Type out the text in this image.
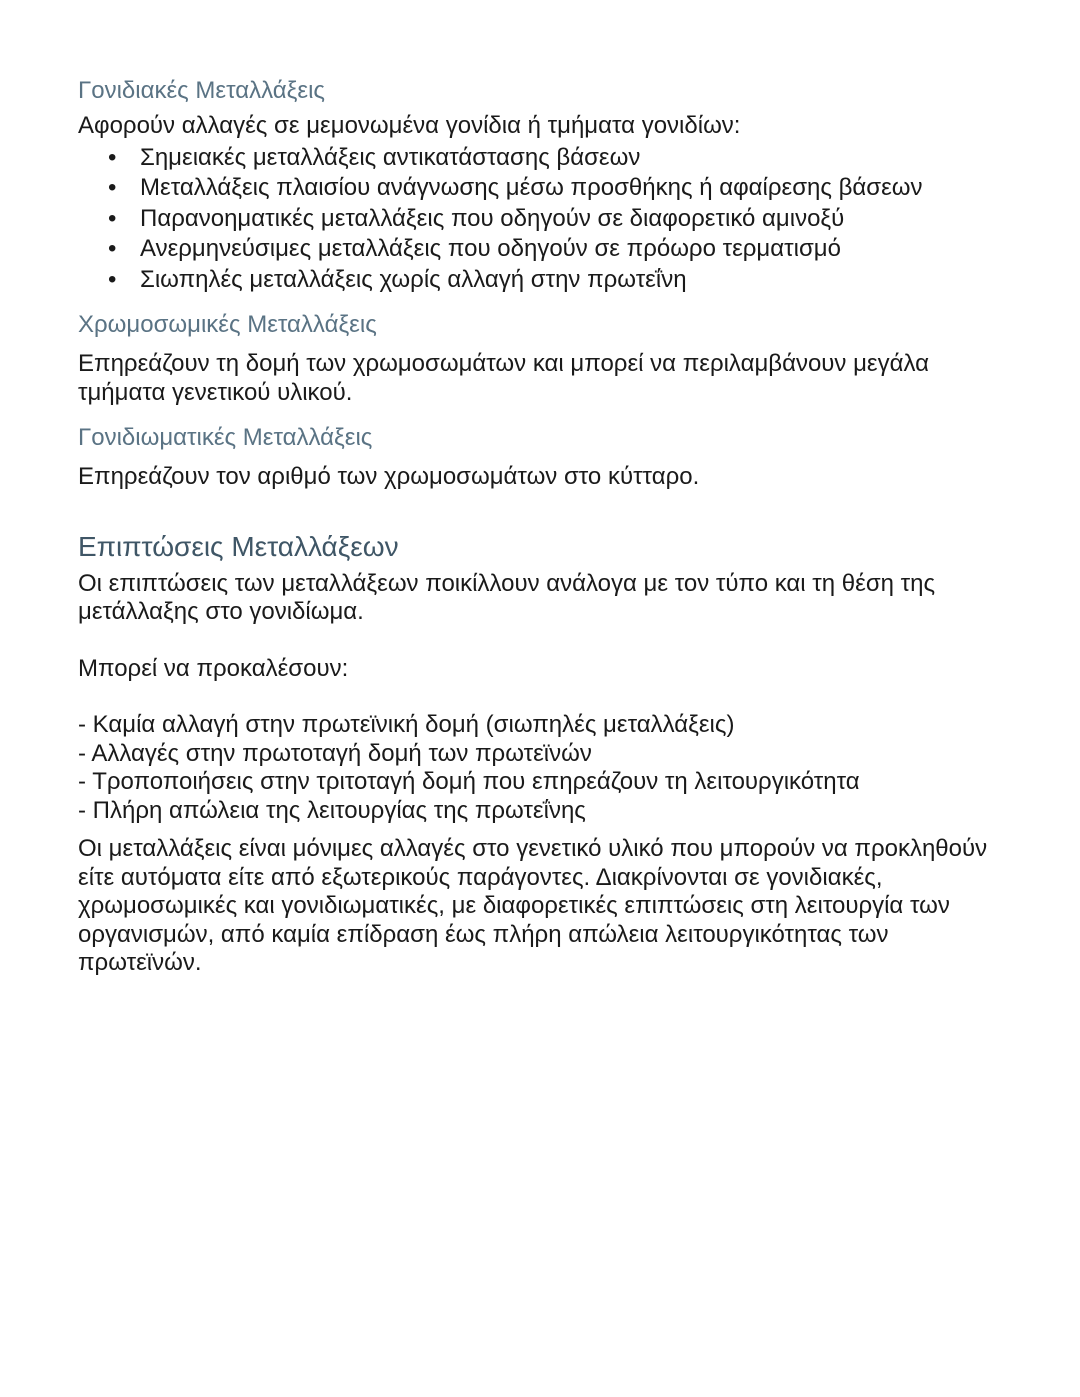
Γονιδιακές Μεταλλάξεις

Αφορούν αλλαγές σε μεμονωμένα γονίδια ή τμήματα γονιδίων:

• Σημειακές μεταλλάξεις αντικατάστασης βάσεων
• Μεταλλάξεις πλαισίου ανάγνωσης μέσω προσθήκης ή αφαίρεσης βάσεων
• Παρανοηματικές μεταλλάξεις που οδηγούν σε διαφορετικό αμινοξύ
• Ανερμηνεύσιμες μεταλλάξεις που οδηγούν σε πρόωρο τερματισμό
• Σιωπηλές μεταλλάξεις χωρίς αλλαγή στην πρωτεΐνη
Χρωμοσωμικές Μεταλλάξεις

Επηρεάζουν τη δομή των χρωμοσωμάτων και μπορεί να περιλαμβάνουν μεγάλα τμήματα γενετικού υλικού.

Γονιδιωματικές Μεταλλάξεις

Επηρεάζουν τον αριθμό των χρωμοσωμάτων στο κύτταρο.

Επιπτώσεις Μεταλλάξεων

Οι επιπτώσεις των μεταλλάξεων ποικίλλουν ανάλογα με τον τύπο και τη θέση της μετάλλαξης στο γονιδίωμα.

Μπορεί να προκαλέσουν:

- Καμία αλλαγή στην πρωτεϊνική δομή (σιωπηλές μεταλλάξεις)

- Αλλαγές στην πρωτοταγή δομή των πρωτεϊνών

- Τροποποιήσεις στην τριτοταγή δομή που επηρεάζουν τη λειτουργικότητα

- Πλήρη απώλεια της λειτουργίας της πρωτεΐνης

Οι μεταλλάξεις είναι μόνιμες αλλαγές στο γενετικό υλικό που μπορούν να προκληθούν είτε αυτόματα είτε από εξωτερικούς παράγοντες. Διακρίνονται σε γονιδιακές, χρωμοσωμικές και γονιδιωματικές, με διαφορετικές επιπτώσεις στη λειτουργία των οργανισμών, από καμία επίδραση έως πλήρη απώλεια λειτουργικότητας των πρωτεϊνών.
